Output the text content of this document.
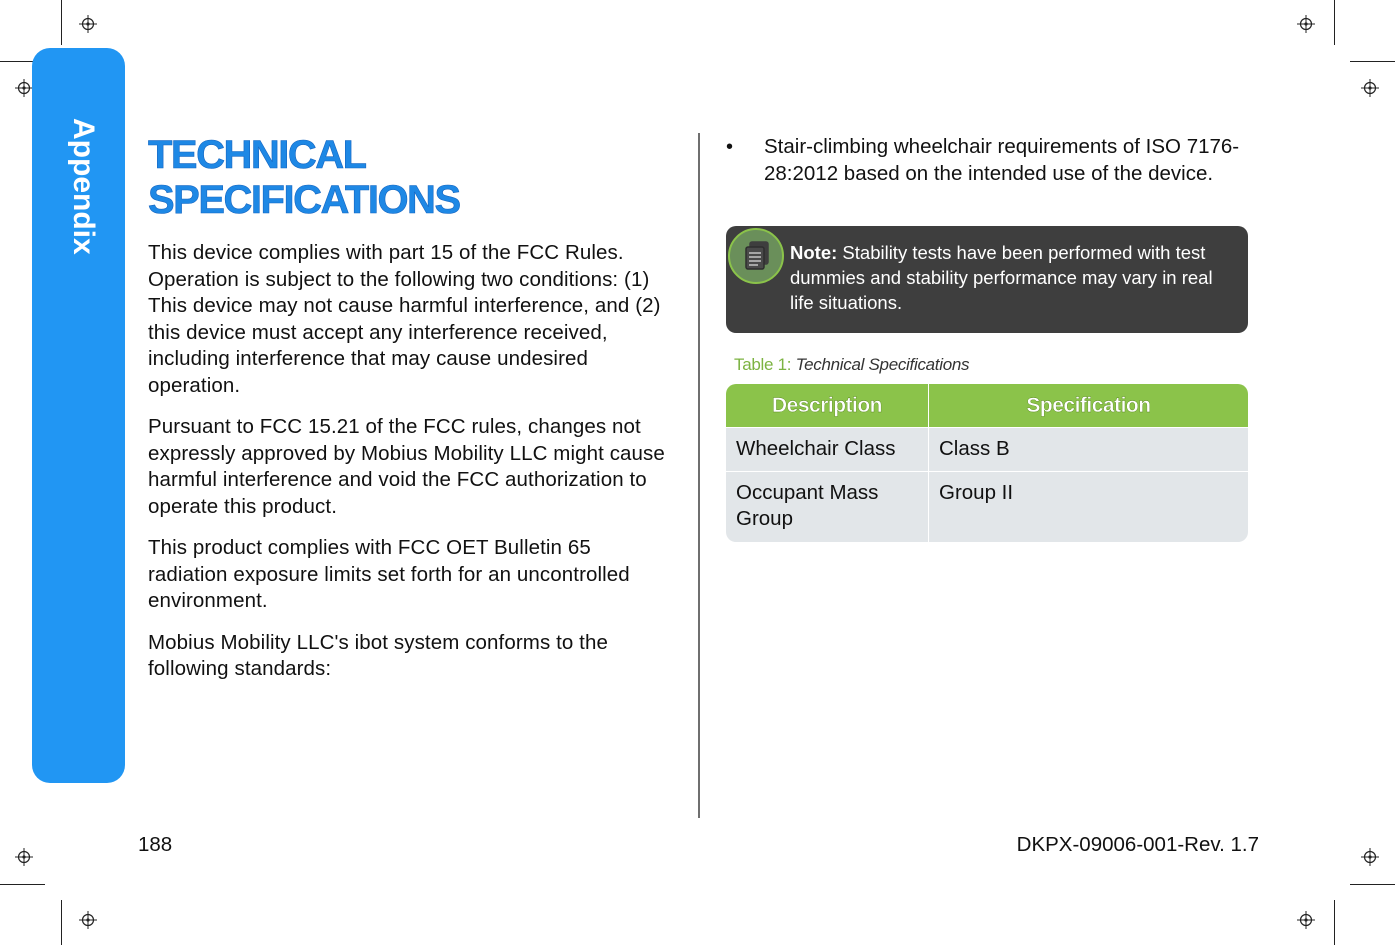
Appendix TECHNICAL SPECIFICATIONS

This device complies with part 15 of the FCC Rules. Operation is subject to the following two conditions: (1) This device may not cause harmful interference, and (2) this device must accept any interference received, including interference that may cause undesired operation.

Pursuant to FCC 15.21 of the FCC rules, changes not expressly approved by Mobius Mobility LLC might cause harmful interference and void the FCC authorization to operate this product.

This product complies with FCC OET Bulletin 65 radiation exposure limits set forth for an uncontrolled environment.

Mobius Mobility LLC's ibot system conforms to the following standards:

• Stair-climbing wheelchair requirements of ISO 7176-28:2012 based on the intended use of the device.
Note: Stability tests have been performed with test dummies and stability performance may vary in real life situations.
Table 1: Technical Specifications
Description	Specification
Wheelchair Class	Class B
Occupant Mass Group	Group II
188	DKPX-09006-001-Rev. 1.7
